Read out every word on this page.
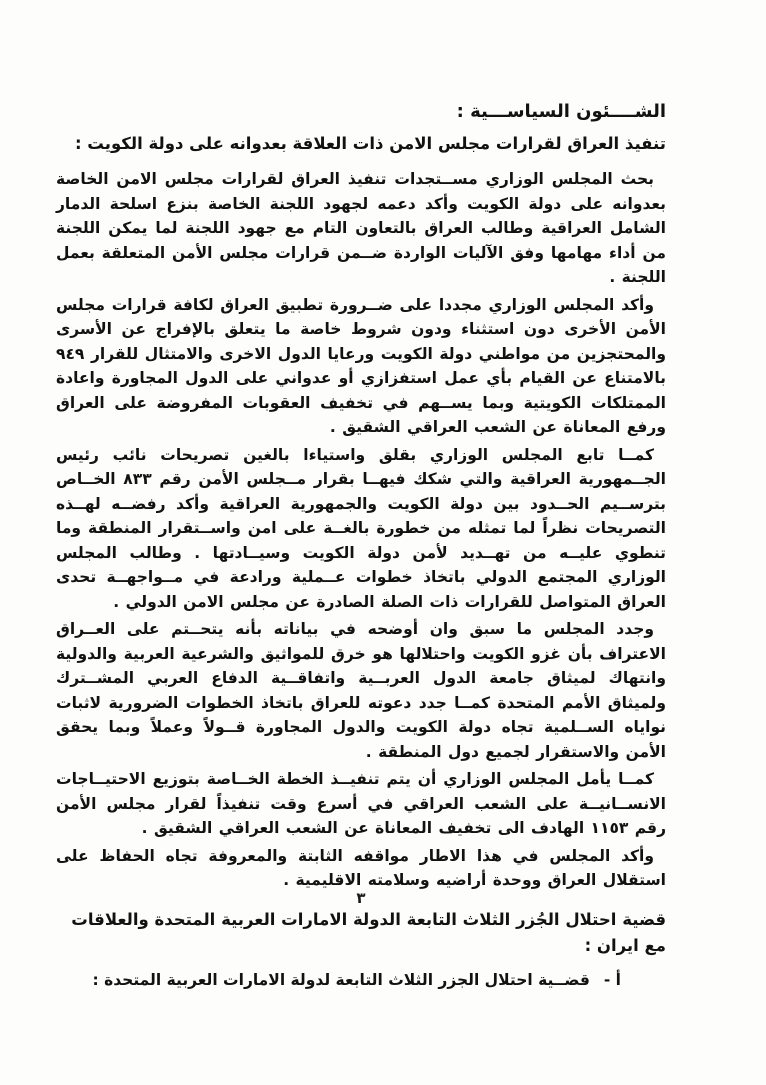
الشــــئون السياســـية :
تنفيذ العراق لقرارات مجلس الامن ذات العلاقة بعدوانه على دولة الكويت :

بحث المجلس الوزاري مســتجدات تنفيذ العراق لقرارات مجلس الامن الخاصة بعدوانه على دولة الكويت وأكد دعمه لجهود اللجنة الخاصة بنزع اسلحة الدمار الشامل العراقية وطالب العراق بالتعاون التام مع جهود اللجنة لما يمكن اللجنة من أداء مهامها وفق الآليات الواردة ضــمن قرارات مجلس الأمن المتعلقة بعمل اللجنة .

وأكد المجلس الوزاري مجددا على ضــرورة تطبيق العراق لكافة قرارات مجلس الأمن الأخرى دون استثناء ودون شروط خاصة ما يتعلق بالإفراج عن الأسرى والمحتجزين من مواطني دولة الكويت ورعايا الدول الاخرى والامتثال للقرار ٩٤٩ بالامتناع عن القيام بأي عمل استفزازي أو عدواني على الدول المجاورة واعادة الممتلكات الكويتية وبما يســهم في تخفيف العقوبات المفروضة على العراق ورفع المعاناة عن الشعب العراقي الشقيق .

كمــا تابع المجلس الوزاري بقلق واستياءا بالغين تصريحات نائب رئيس الجــمهورية العراقية والتي شكك فيهــا بقرار مــجلس الأمن رقم ٨٣٣ الخــاص بترســيم الحــدود بين دولة الكويت والجمهورية العراقية وأكد رفضــه لهــذه التصريحات نظراً لما تمثله من خطورة بالغــة على امن واســتقرار المنطقة وما تنطوي عليــه من تهــديد لأمن دولة الكويت وسيــادتها . وطالب المجلس الوزاري المجتمع الدولي باتخاذ خطوات عــملية ورادعة في مــواجهــة تحدى العراق المتواصل للقرارات ذات الصلة الصادرة عن مجلس الامن الدولي .

وجدد المجلس ما سبق وان أوضحه في بياناته بأنه يتحــتم على العــراق الاعتراف بأن غزو الكويت واحتلالها هو خرق للمواثيق والشرعية العربية والدولية وانتهاك لميثاق جامعة الدول العربــية واتفاقــية الدفاع العربي المشــترك ولميثاق الأمم المتحدة كمــا جدد دعوته للعراق باتخاذ الخطوات الضرورية لاثبات نواياه الســلمية تجاه دولة الكويت والدول المجاورة قــولاً وعملاً وبما يحقق الأمن والاستقرار لجميع دول المنطقة .

كمــا يأمل المجلس الوزاري أن يتم تنفيــذ الخطة الخــاصة بتوزيع الاحتيــاجات الانســانيــة على الشعب العراقي في أسرع وقت تنفيذاً لقرار مجلس الأمن رقم ١١٥٣ الهادف الى تخفيف المعاناة عن الشعب العراقي الشقيق .

وأكد المجلس في هذا الاطار مواقفه الثابتة والمعروفة تجاه الحفاظ على استقلال العراق ووحدة أراضيه وسلامته الاقليمية .

قضية احتلال الجُزر الثلاث التابعة الدولة الامارات العربية المتحدة والعلاقات مع ايران :

أ -قضــية احتلال الجزر الثلاث التابعة لدولة الامارات العربية المتحدة :

٣
